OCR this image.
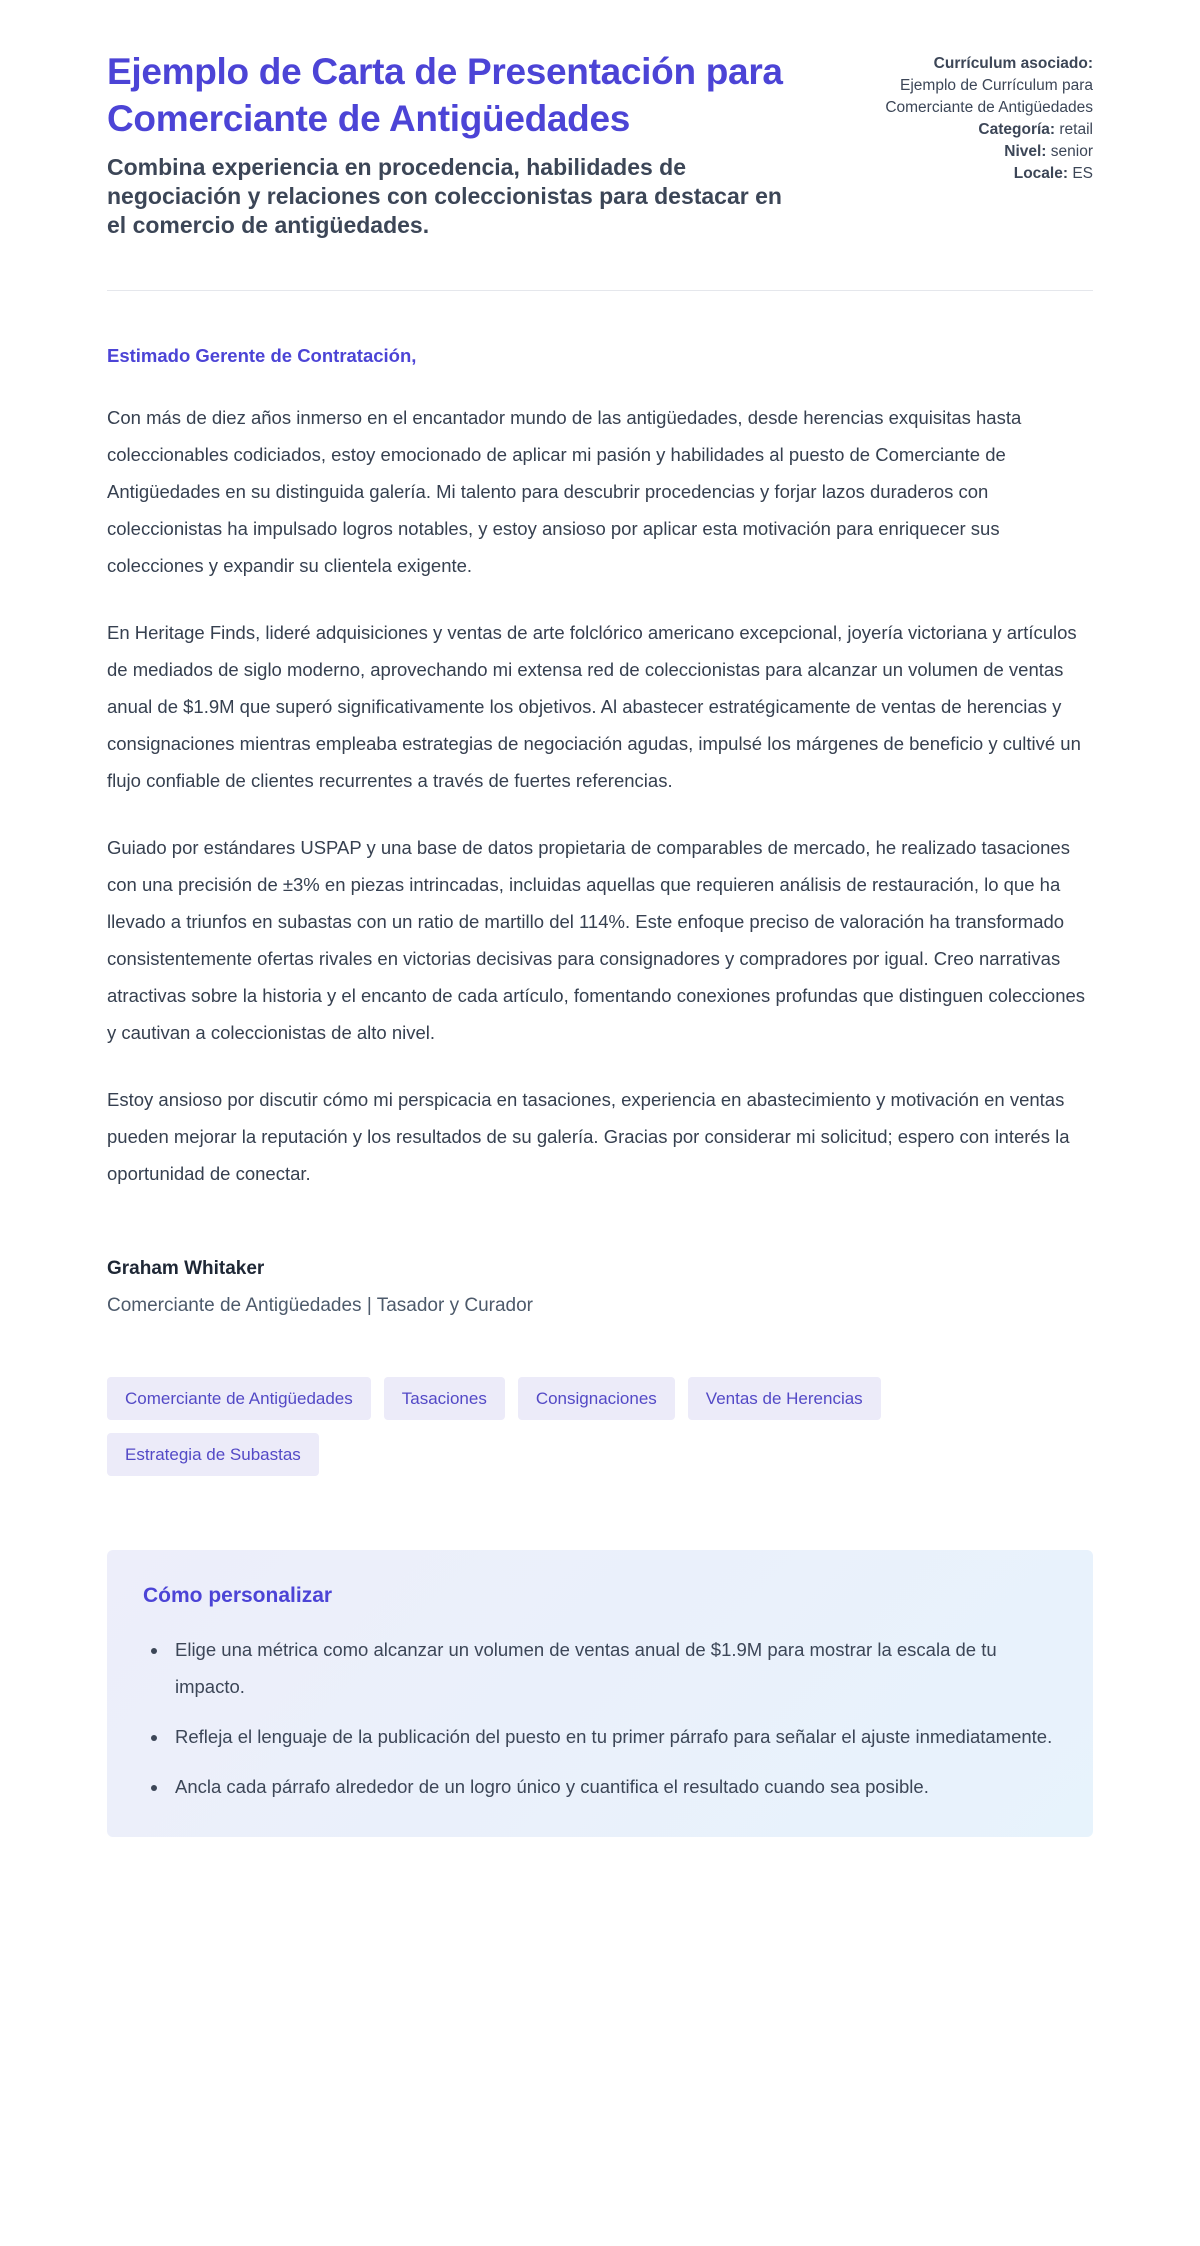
Ejemplo de Carta de Presentación para Comerciante de Antigüedades

Combina experiencia en procedencia, habilidades de negociación y relaciones con coleccionistas para destacar en el comercio de antigüedades.

Currículum asociado:
Ejemplo de Currículum para Comerciante de Antigüedades

Categoría: retail

Nivel: senior

Locale: ES

Estimado Gerente de Contratación,

Con más de diez años inmerso en el encantador mundo de las antigüedades, desde herencias exquisitas hasta coleccionables codiciados, estoy emocionado de aplicar mi pasión y habilidades al puesto de Comerciante de Antigüedades en su distinguida galería. Mi talento para descubrir procedencias y forjar lazos duraderos con coleccionistas ha impulsado logros notables, y estoy ansioso por aplicar esta motivación para enriquecer sus colecciones y expandir su clientela exigente.

En Heritage Finds, lideré adquisiciones y ventas de arte folclórico americano excepcional, joyería victoriana y artículos de mediados de siglo moderno, aprovechando mi extensa red de coleccionistas para alcanzar un volumen de ventas anual de $1.9M que superó significativamente los objetivos. Al abastecer estratégicamente de ventas de herencias y consignaciones mientras empleaba estrategias de negociación agudas, impulsé los márgenes de beneficio y cultivé un flujo confiable de clientes recurrentes a través de fuertes referencias.

Guiado por estándares USPAP y una base de datos propietaria de comparables de mercado, he realizado tasaciones con una precisión de ±3% en piezas intrincadas, incluidas aquellas que requieren análisis de restauración, lo que ha llevado a triunfos en subastas con un ratio de martillo del 114%. Este enfoque preciso de valoración ha transformado consistentemente ofertas rivales en victorias decisivas para consignadores y compradores por igual. Creo narrativas atractivas sobre la historia y el encanto de cada artículo, fomentando conexiones profundas que distinguen colecciones y cautivan a coleccionistas de alto nivel.

Estoy ansioso por discutir cómo mi perspicacia en tasaciones, experiencia en abastecimiento y motivación en ventas pueden mejorar la reputación y los resultados de su galería. Gracias por considerar mi solicitud; espero con interés la oportunidad de conectar.

Graham Whitaker

Comerciante de Antigüedades | Tasador y Curador

Comerciante de Antigüedades	Tasaciones	Consignaciones	Ventas de Herencias
Estrategia de Subastas
Cómo personalizar
• Elige una métrica como alcanzar un volumen de ventas anual de $1.9M para mostrar la escala de tu impacto.
• Refleja el lenguaje de la publicación del puesto en tu primer párrafo para señalar el ajuste inmediatamente.
• Ancla cada párrafo alrededor de un logro único y cuantifica el resultado cuando sea posible.
